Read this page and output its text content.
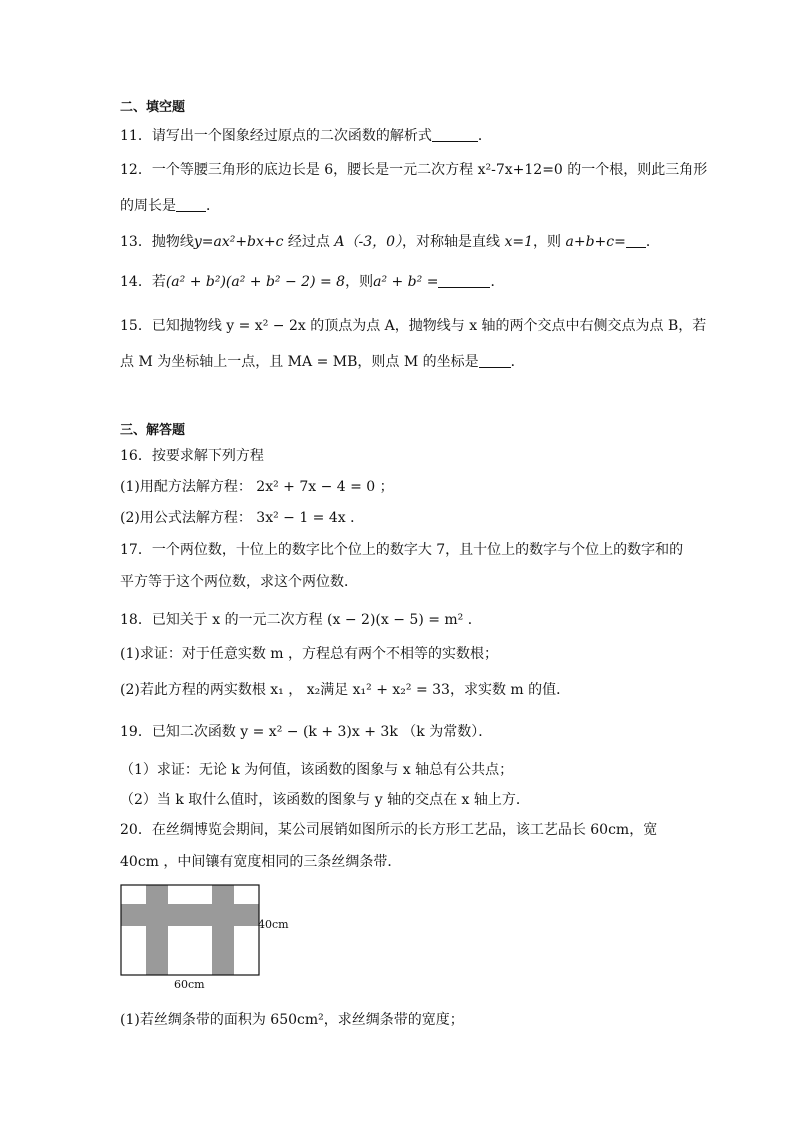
二、填空题
11．请写出一个图象经过原点的二次函数的解析式	．
12．一个等腰三角形的底边长是 6，腰长是一元二次方程 x²-7x+12=0 的一个根，则此三角形
的周长是 ．
13．抛物线y=ax²+bx+c 经过点 A（-3，0），对称轴是直线 x=1，则 a+b+c= ．
14．若(a² + b²)(a² + b² − 2) = 8，则a² + b² =	．
15．已知抛物线 y = x² − 2x 的顶点为点 A，抛物线与 x 轴的两个交点中右侧交点为点 B，若
点 M 为坐标轴上一点，且 MA = MB，则点 M 的坐标是 ．
三、解答题
16．按要求解下列方程
(1)用配方法解方程： 2x² + 7x − 4 = 0 ；
(2)用公式法解方程： 3x² − 1 = 4x ．
17．一个两位数，十位上的数字比个位上的数字大 7，且十位上的数字与个位上的数字和的
平方等于这个两位数，求这个两位数．
18．已知关于 x 的一元二次方程 (x − 2)(x − 5) = m² ．
(1)求证：对于任意实数 m ，方程总有两个不相等的实数根；
(2)若此方程的两实数根 x₁ ， x₂满足 x₁² + x₂² = 33，求实数 m 的值．
19．已知二次函数 y = x² − (k + 3)x + 3k （k 为常数）．
（1）求证：无论 k 为何值，该函数的图象与 x 轴总有公共点；
（2）当 k 取什么值时，该函数的图象与 y 轴的交点在 x 轴上方．
20．在丝绸博览会期间，某公司展销如图所示的长方形工艺品，该工艺品长 60cm，宽
40cm ，中间镶有宽度相同的三条丝绸条带．
40cm
60cm
(1)若丝绸条带的面积为 650cm²，求丝绸条带的宽度；
